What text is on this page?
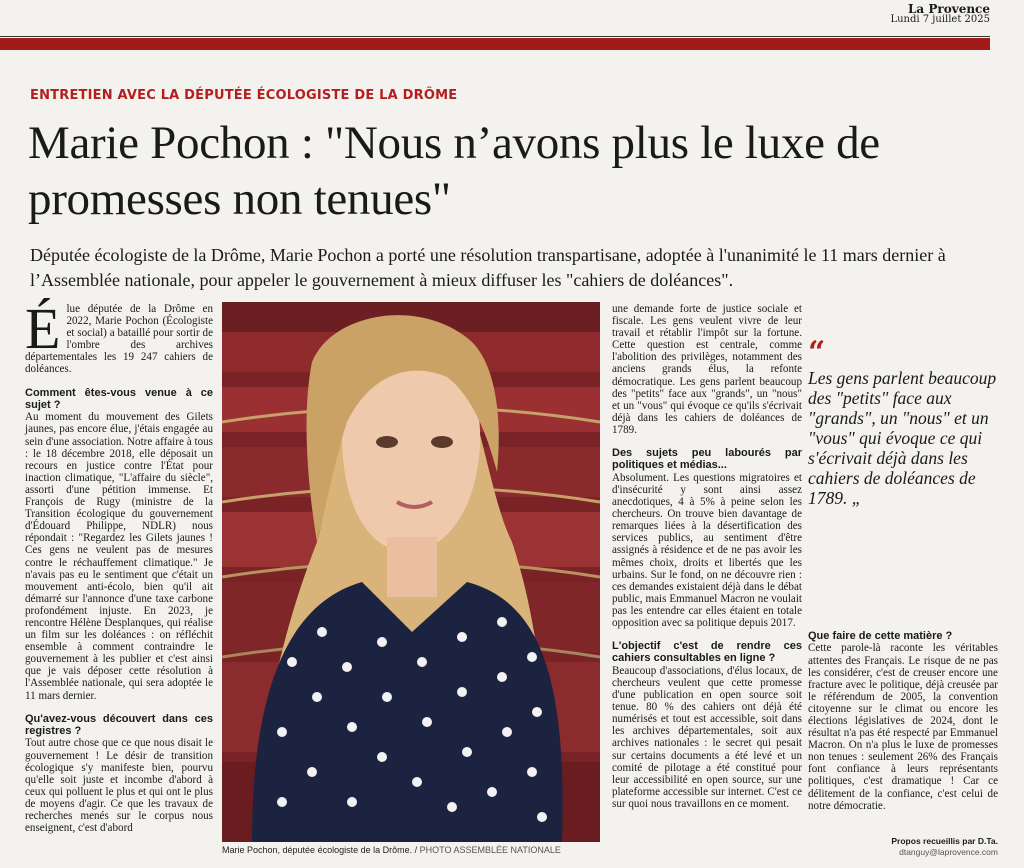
La Provence
Lundi 7 juillet 2025
ENTRETIEN AVEC LA DÉPUTÉE ÉCOLOGISTE DE LA DRÔME
Marie Pochon : "Nous n’avons plus le luxe de promesses non tenues"
Députée écologiste de la Drôme, Marie Pochon a porté une résolution transpartisane, adoptée à l'unanimité le 11 mars dernier à l’Assemblée nationale, pour appeler le gouvernement à mieux diffuser les "cahiers de doléances".

Élue députée de la Drôme en 2022, Marie Pochon (Écologiste et social) a bataillé pour sortir de l'ombre des archives départementales les 19 247 cahiers de doléances.

Comment êtes-vous venue à ce sujet ?

Au moment du mouvement des Gilets jaunes, pas encore élue, j'étais engagée au sein d'une association. Notre affaire à tous : le 18 décembre 2018, elle déposait un recours en justice contre l'État pour inaction climatique, "L'affaire du siècle", assorti d'une pétition immense. Et François de Rugy (ministre de la Transition écologique du gouvernement d'Édouard Philippe, NDLR) nous répondait : "Regardez les Gilets jaunes ! Ces gens ne veulent pas de mesures contre le réchauffement climatique." Je n'avais pas eu le sentiment que c'était un mouvement anti-écolo, bien qu'il ait démarré sur l'annonce d'une taxe carbone profondément injuste. En 2023, je rencontre Hélène Desplanques, qui réalise un film sur les doléances : on réfléchit ensemble à comment contraindre le gouvernement à les publier et c'est ainsi que je vais déposer cette résolution à l'Assemblée nationale, qui sera adoptée le 11 mars dernier.

Qu'avez-vous découvert dans ces registres ?

Tout autre chose que ce que nous disait le gouvernement ! Le désir de transition écologique s'y manifeste bien, pourvu qu'elle soit juste et incombe d'abord à ceux qui polluent le plus et qui ont le plus de moyens d'agir. Ce que les travaux de recherches menés sur le corpus nous enseignent, c'est d'abord

Marie Pochon, députée écologiste de la Drôme. / PHOTO ASSEMBLÉE NATIONALE

une demande forte de justice sociale et fiscale. Les gens veulent vivre de leur travail et rétablir l'impôt sur la fortune. Cette question est centrale, comme l'abolition des privilèges, notamment des anciens grands élus, la refonte démocratique. Les gens parlent beaucoup des "petits" face aux "grands", un "nous" et un "vous" qui évoque ce qu'ils s'écrivait déjà dans les cahiers de doléances de 1789.

Des sujets peu labourés par politiques et médias...

Absolument. Les questions migratoires et d'insécurité y sont ainsi assez anecdotiques, 4 à 5% à peine selon les chercheurs. On trouve bien davantage de remarques liées à la désertification des services publics, au sentiment d'être assignés à résidence et de ne pas avoir les mêmes choix, droits et libertés que les urbains. Sur le fond, on ne découvre rien : ces demandes existaient déjà dans le débat public, mais Emmanuel Macron ne voulait pas les entendre car elles étaient en totale opposition avec sa politique depuis 2017.

L'objectif c'est de rendre ces cahiers consultables en ligne ?

Beaucoup d'associations, d'élus locaux, de chercheurs veulent que cette promesse d'une publication en open source soit tenue. 80 % des cahiers ont déjà été numérisés et tout est accessible, soit dans les archives départementales, soit aux archives nationales : le secret qui pesait sur certains documents a été levé et un comité de pilotage a été constitué pour leur accessibilité en open source, sur une plateforme accessible sur internet. C'est ce sur quoi nous travaillons en ce moment.

“
Les gens parlent beaucoup des "petits" face aux "grands", un "nous" et un "vous" qui évoque ce qui s'écrivait déjà dans les cahiers de doléances de 1789. „

Que faire de cette matière ?

Cette parole-là raconte les véritables attentes des Français. Le risque de ne pas les considérer, c'est de creuser encore une fracture avec le politique, déjà creusée par le référendum de 2005, la convention citoyenne sur le climat ou encore les élections législatives de 2024, dont le résultat n'a pas été respecté par Emmanuel Macron. On n'a plus le luxe de promesses non tenues : seulement 26% des Français font confiance à leurs représentants politiques, c'est dramatique ! Car ce délitement de la confiance, c'est celui de notre démocratie.

Propos recueillis par D.Ta.
dtanguy@laprovence.com
